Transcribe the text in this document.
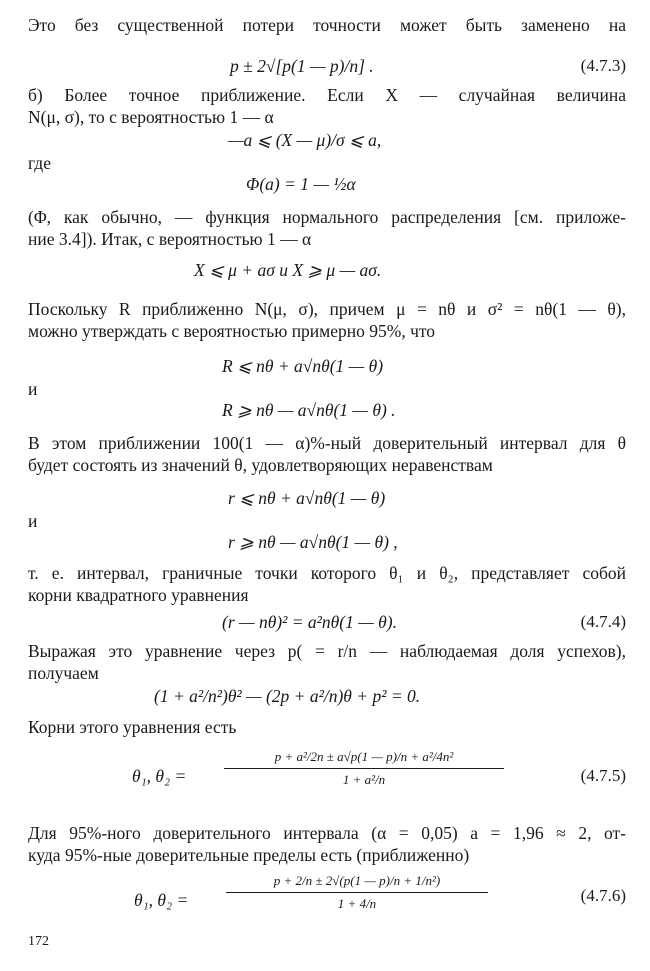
Это без существенной потери точности может быть заменено на
p ± 2√[p(1 — p)/n] .	(4.7.3)
б) Более точное приближение. Если X — случайная величина
N(μ, σ), то с вероятностью 1 — α
—a ⩽ (X — μ)/σ ⩽ a,
где
Φ(a) = 1 — ½α
(Φ, как обычно, — функция нормального распределения [см. приложе-
ние 3.4]). Итак, с вероятностью 1 — α
X ⩽ μ + aσ и X ⩾ μ — aσ.
Поскольку R приближенно N(μ, σ), причем μ = nθ и σ² = nθ(1 — θ),
можно утверждать с вероятностью примерно 95%, что
R ⩽ nθ + a√nθ(1 — θ)
и
R ⩾ nθ — a√nθ(1 — θ) .
В этом приближении 100(1 — α)%-ный доверительный интервал для θ
будет состоять из значений θ, удовлетворяющих неравенствам
r ⩽ nθ + a√nθ(1 — θ)
и
r ⩾ nθ — a√nθ(1 — θ) ,
т. е. интервал, граничные точки которого θ₁ и θ₂, представляет собой
корни квадратного уравнения
(r — nθ)² = a²nθ(1 — θ).	(4.7.4)
Выражая это уравнение через p( = r/n — наблюдаемая доля успехов),
получаем
(1 + a²/n²)θ² — (2p + a²/n)θ + p² = 0.
Корни этого уравнения есть
θ₁, θ₂ =
p + a²/2n ± a√p(1 — p)/n + a²/4n²
1 + a²/n	(4.7.5)
Для 95%-ного доверительного интервала (α = 0,05) a = 1,96 ≈ 2, от-
куда 95%-ные доверительные пределы есть (приближенно)
θ₁, θ₂ =
p + 2/n ± 2√(p(1 — p)/n + 1/n²)
1 + 4/n	(4.7.6)
172
